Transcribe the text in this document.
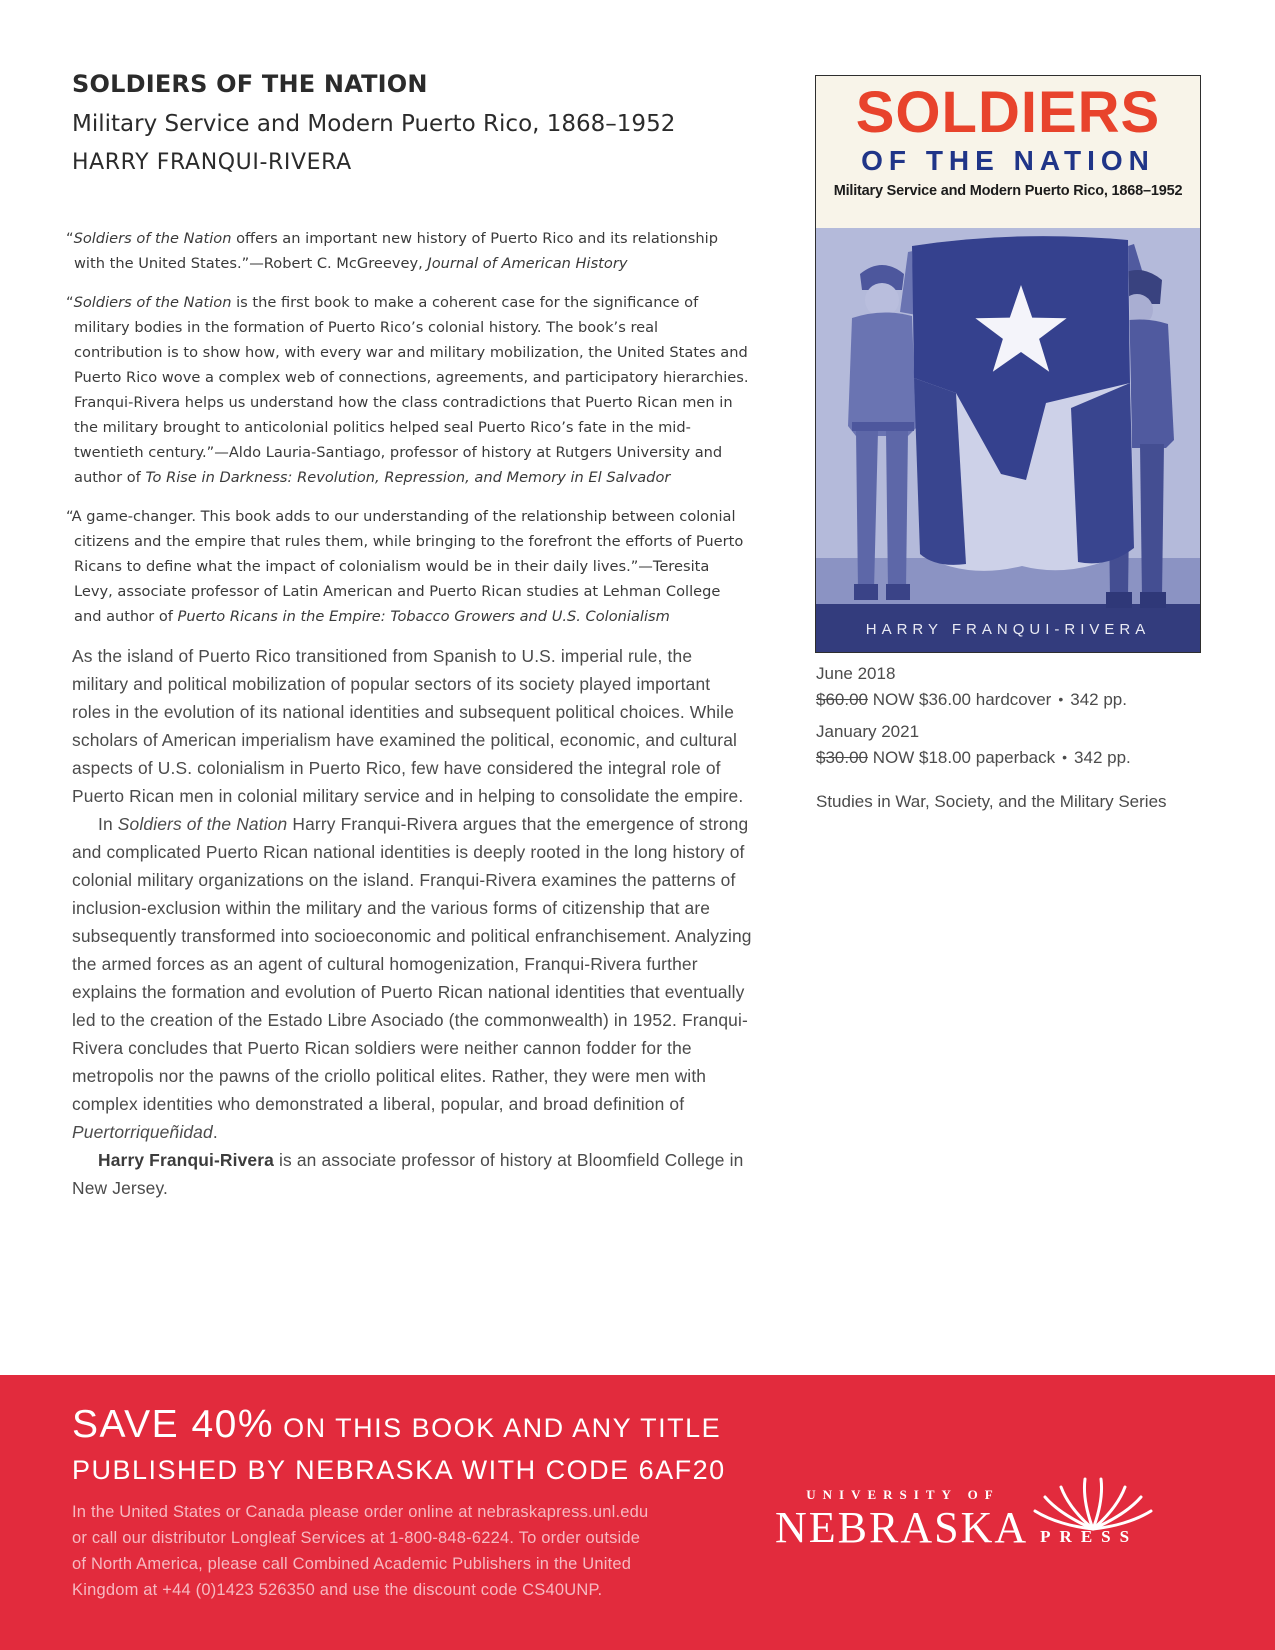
SOLDIERS OF THE NATION
Military Service and Modern Puerto Rico, 1868–1952
HARRY FRANQUI-RIVERA

“Soldiers of the Nation offers an important new history of Puerto Rico and its relationship with the United States.”—Robert C. McGreevey, Journal of American History

“Soldiers of the Nation is the first book to make a coherent case for the significance of military bodies in the formation of Puerto Rico’s colonial history. The book’s real contribution is to show how, with every war and military mobilization, the United States and Puerto Rico wove a complex web of connections, agreements, and participatory hierarchies. Franqui-Rivera helps us understand how the class contradictions that Puerto Rican men in the military brought to anticolonial politics helped seal Puerto Rico’s fate in the mid-twentieth century.”—Aldo Lauria-Santiago, professor of history at Rutgers University and author of To Rise in Darkness: Revolution, Repression, and Memory in El Salvador

“A game-changer. This book adds to our understanding of the relationship between colonial citizens and the empire that rules them, while bringing to the forefront the efforts of Puerto Ricans to define what the impact of colonialism would be in their daily lives.”—Teresita Levy, associate professor of Latin American and Puerto Rican studies at Lehman College and author of Puerto Ricans in the Empire: Tobacco Growers and U.S. Colonialism

As the island of Puerto Rico transitioned from Spanish to U.S. imperial rule, the military and political mobilization of popular sectors of its society played important roles in the evolution of its national identities and subsequent political choices. While scholars of American imperialism have examined the political, economic, and cultural aspects of U.S. colonialism in Puerto Rico, few have considered the integral role of Puerto Rican men in colonial military service and in helping to consolidate the empire.

In Soldiers of the Nation Harry Franqui-Rivera argues that the emergence of strong and complicated Puerto Rican national identities is deeply rooted in the long history of colonial military organizations on the island. Franqui-Rivera examines the patterns of inclusion-exclusion within the military and the various forms of citizenship that are subsequently transformed into socioeconomic and political enfranchisement. Analyzing the armed forces as an agent of cultural homogenization, Franqui-Rivera further explains the formation and evolution of Puerto Rican national identities that eventually led to the creation of the Estado Libre Asociado (the commonwealth) in 1952. Franqui-Rivera concludes that Puerto Rican soldiers were neither cannon fodder for the metropolis nor the pawns of the criollo political elites. Rather, they were men with complex identities who demonstrated a liberal, popular, and broad definition of Puertorriqueñidad.

Harry Franqui-Rivera is an associate professor of history at Bloomfield College in New Jersey.

SOLDIERS
OF THE NATION
Military Service and Modern Puerto Rico, 1868–1952
HARRY FRANQUI-RIVERA
June 2018
$60.00 NOW $36.00 hardcover • 342 pp.
January 2021
$30.00 NOW $18.00 paperback • 342 pp.
Studies in War, Society, and the Military Series
SAVE 40% ON THIS BOOK AND ANY TITLE
PUBLISHED BY NEBRASKA WITH CODE 6AF20
In the United States or Canada please order online at nebraskapress.unl.edu
or call our distributor Longleaf Services at 1-800-848-6224. To order outside
of North America, please call Combined Academic Publishers in the United
Kingdom at +44 (0)1423 526350 and use the discount code CS40UNP.
UNIVERSITY OF
NEBRASKA PRESS
